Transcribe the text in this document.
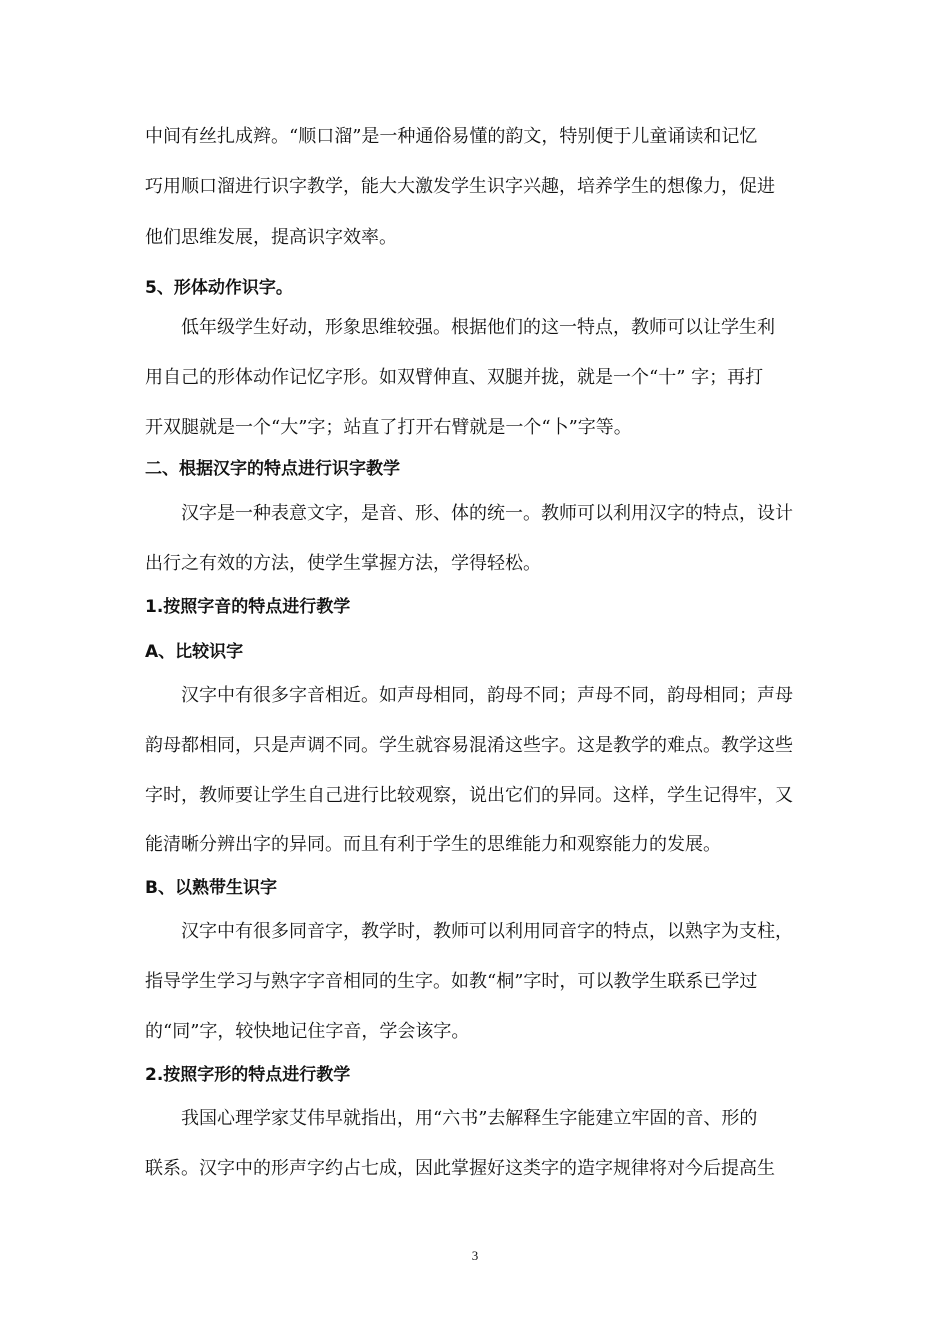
中间有丝扎成辫。“顺口溜”是一种通俗易懂的韵文，特别便于儿童诵读和记忆
巧用顺口溜进行识字教学，能大大激发学生识字兴趣，培养学生的想像力，促进
他们思维发展，提高识字效率。
5、形体动作识字。
低年级学生好动，形象思维较强。根据他们的这一特点，教师可以让学生利
用自己的形体动作记忆字形。如双臂伸直、双腿并拢，就是一个“十” 字；再打
开双腿就是一个“大”字；站直了打开右臂就是一个“卜”字等。
二、根据汉字的特点进行识字教学
汉字是一种表意文字，是音、形、体的统一。教师可以利用汉字的特点，设计
出行之有效的方法，使学生掌握方法，学得轻松。
1.按照字音的特点进行教学
A、比较识字
汉字中有很多字音相近。如声母相同，韵母不同；声母不同，韵母相同；声母
韵母都相同，只是声调不同。学生就容易混淆这些字。这是教学的难点。教学这些
字时，教师要让学生自己进行比较观察，说出它们的异同。这样，学生记得牢，又
能清晰分辨出字的异同。而且有利于学生的思维能力和观察能力的发展。
B、以熟带生识字
汉字中有很多同音字，教学时，教师可以利用同音字的特点，以熟字为支柱，
指导学生学习与熟字字音相同的生字。如教“桐”字时，可以教学生联系已学过
的“同”字，较快地记住字音，学会该字。
2.按照字形的特点进行教学
我国心理学家艾伟早就指出，用“六书”去解释生字能建立牢固的音、形的
联系。汉字中的形声字约占七成，因此掌握好这类字的造字规律将对今后提高生
3
